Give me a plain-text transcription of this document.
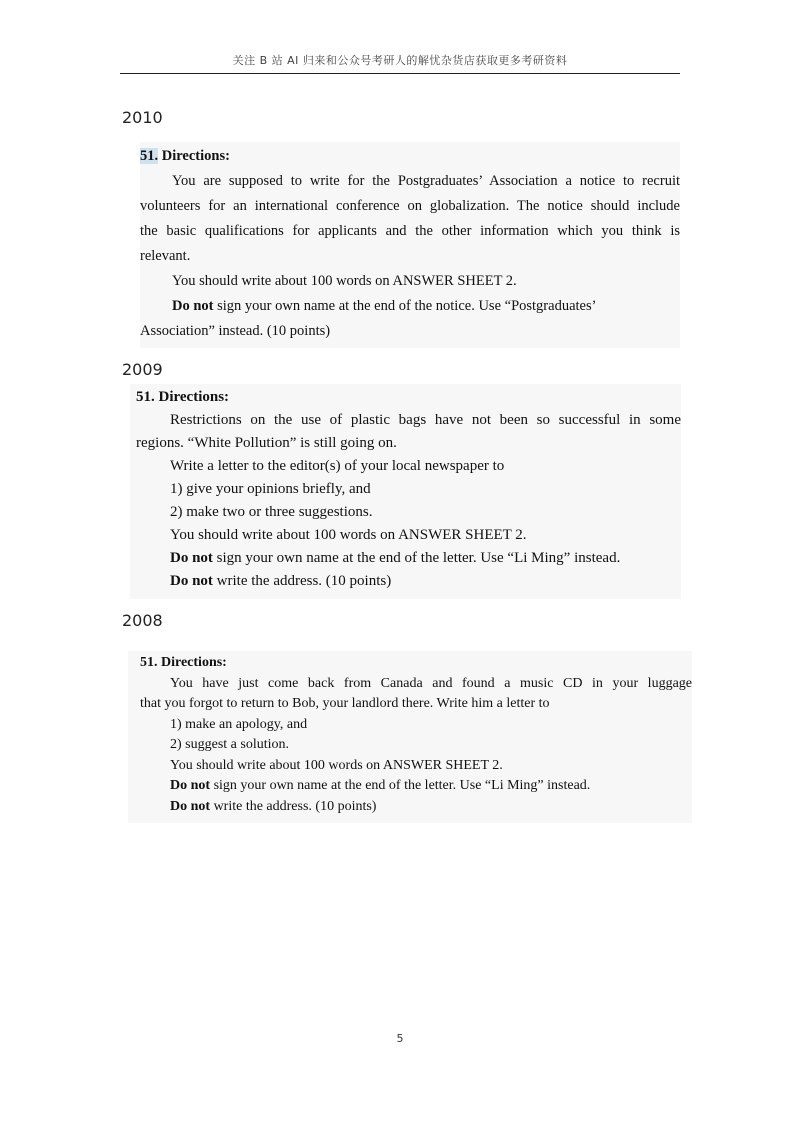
关注 B 站 AI 归来和公众号考研人的解忧杂货店获取更多考研资料
2010

51. Directions:

You are supposed to write for the Postgraduates’ Association a notice to recruit

volunteers for an international conference on globalization. The notice should include

the basic qualifications for applicants and the other information which you think is

relevant.

You should write about 100 words on ANSWER SHEET 2.

Do not sign your own name at the end of the notice. Use “Postgraduates’

Association” instead. (10 points)

2009

51. Directions:

Restrictions on the use of plastic bags have not been so successful in some

regions. “White Pollution” is still going on.

Write a letter to the editor(s) of your local newspaper to

1) give your opinions briefly, and

2) make two or three suggestions.

You should write about 100 words on ANSWER SHEET 2.

Do not sign your own name at the end of the letter. Use “Li Ming” instead.

Do not write the address. (10 points)

2008

51. Directions:

You have just come back from Canada and found a music CD in your luggage

that you forgot to return to Bob, your landlord there. Write him a letter to

1) make an apology, and

2) suggest a solution.

You should write about 100 words on ANSWER SHEET 2.

Do not sign your own name at the end of the letter. Use “Li Ming” instead.

Do not write the address. (10 points)

5
